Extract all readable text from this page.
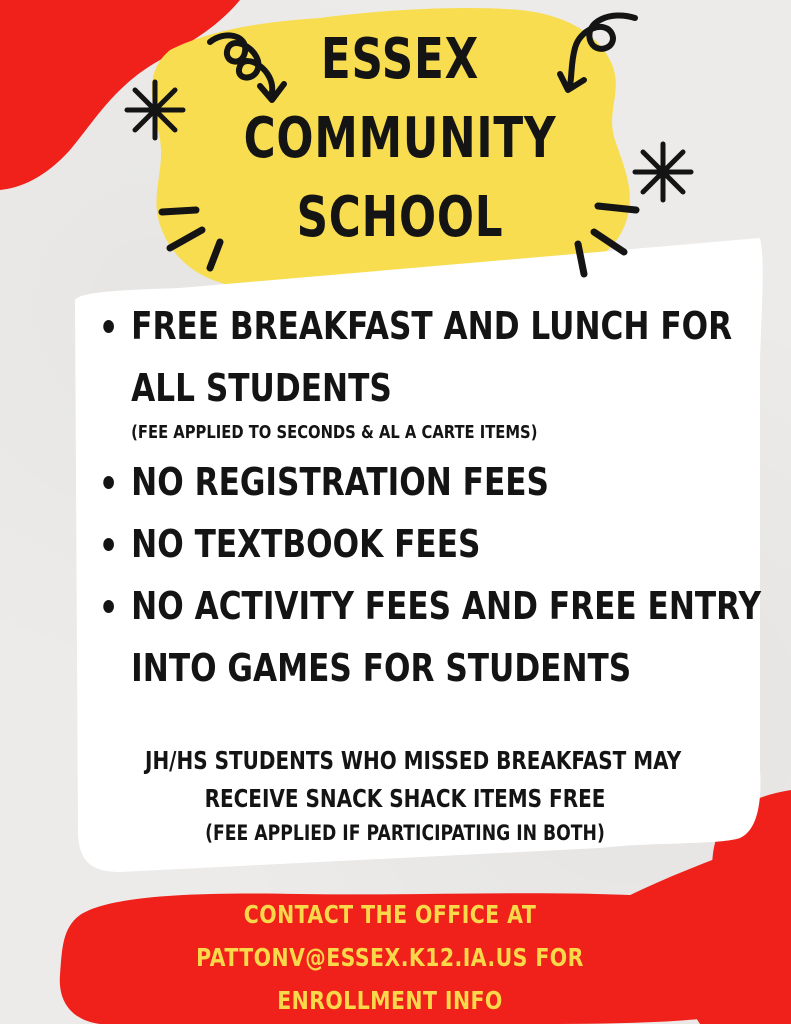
ESSEX
COMMUNITY
SCHOOL
FREE BREAKFAST AND LUNCH FOR
ALL STUDENTS
(FEE APPLIED TO SECONDS & AL A CARTE ITEMS)
NO REGISTRATION FEES
NO TEXTBOOK FEES
NO ACTIVITY FEES AND FREE ENTRY
INTO GAMES FOR STUDENTS
JH/HS STUDENTS WHO MISSED BREAKFAST MAY
RECEIVE SNACK SHACK ITEMS FREE
(FEE APPLIED IF PARTICIPATING IN BOTH)
CONTACT THE OFFICE AT
PATTONV@ESSEX.K12.IA.US FOR
ENROLLMENT INFO
